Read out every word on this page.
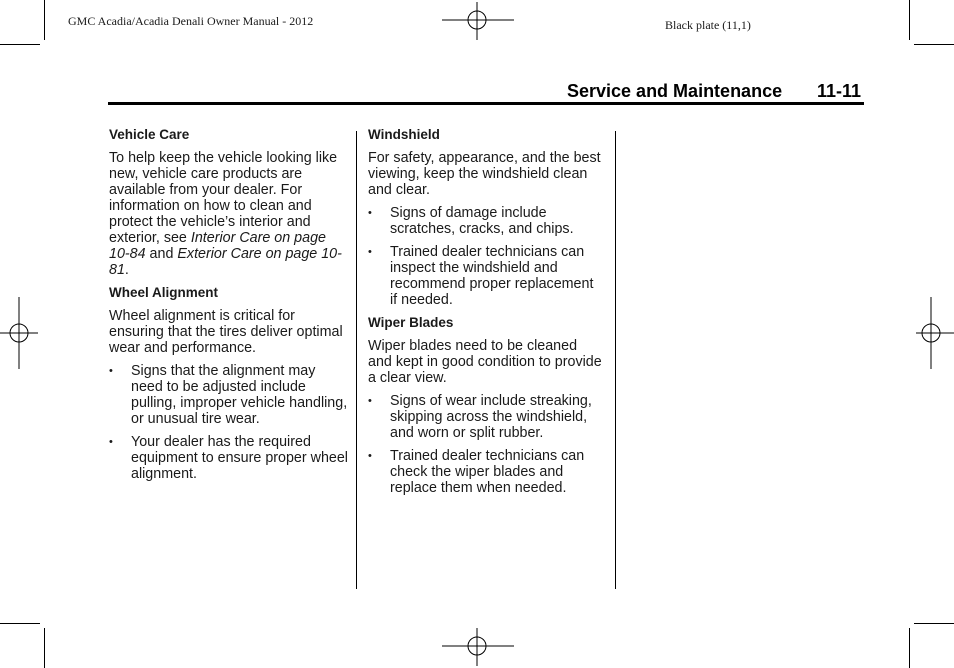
GMC Acadia/Acadia Denali Owner Manual - 2012	Black plate (11,1)
Service and Maintenance 11-11
Vehicle Care

To help keep the vehicle looking like new, vehicle care products are available from your dealer. For information on how to clean and protect the vehicle’s interior and exterior, see Interior Care on page 10-84 and Exterior Care on page 10-81.

Wheel Alignment

Wheel alignment is critical for ensuring that the tires deliver optimal wear and performance.

• Signs that the alignment may need to be adjusted include pulling, improper vehicle handling, or unusual tire wear.
• Your dealer has the required equipment to ensure proper wheel alignment.
Windshield

For safety, appearance, and the best viewing, keep the windshield clean and clear.

• Signs of damage include scratches, cracks, and chips.
• Trained dealer technicians can inspect the windshield and recommend proper replacement if needed.
Wiper Blades

Wiper blades need to be cleaned and kept in good condition to provide a clear view.

• Signs of wear include streaking, skipping across the windshield, and worn or split rubber.
• Trained dealer technicians can check the wiper blades and replace them when needed.
